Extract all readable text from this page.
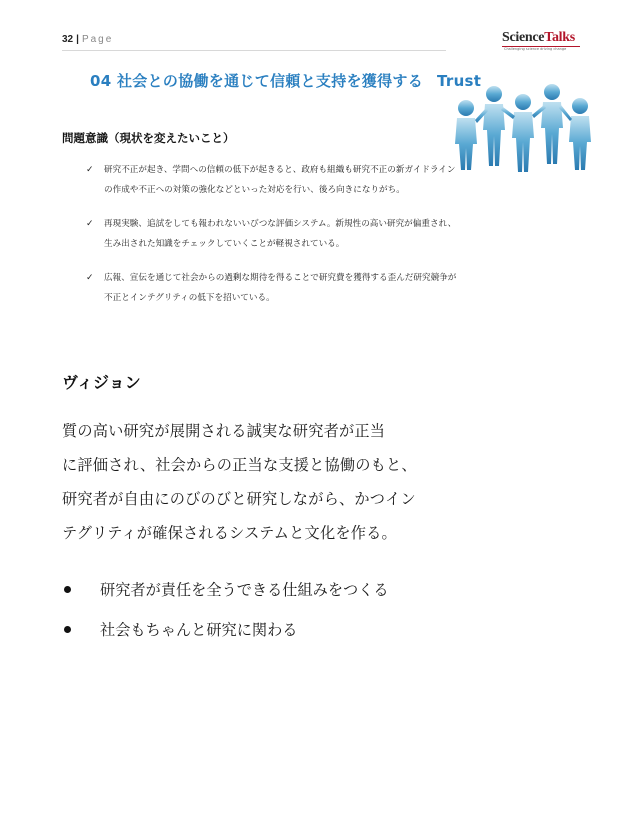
32 | Page	ScienceTalks
Challenging science driving change
04 社会との協働を通じて信頼と支持を獲得する Trust
問題意識（現状を変えたいこと）
✓ 研究不正が起き、学問への信頼の低下が起きると、政府も組織も研究不正の新ガイドラインの作成や不正への対策の強化などといった対応を行い、後ろ向きになりがち。
✓ 再現実験、追試をしても報われないいびつな評価システム。新規性の高い研究が偏重され、生み出された知識をチェックしていくことが軽視されている。
✓ 広報、宣伝を通じて社会からの過剰な期待を得ることで研究費を獲得する歪んだ研究競争が不正とインテグリティの低下を招いている。
ヴィジョン
質の高い研究が展開される誠実な研究者が正当
に評価され、社会からの正当な支援と協働のもと、
研究者が自由にのびのびと研究しながら、かつイン
テグリティが確保されるシステムと文化を作る。
研究者が責任を全うできる仕組みをつくる
社会もちゃんと研究に関わる
